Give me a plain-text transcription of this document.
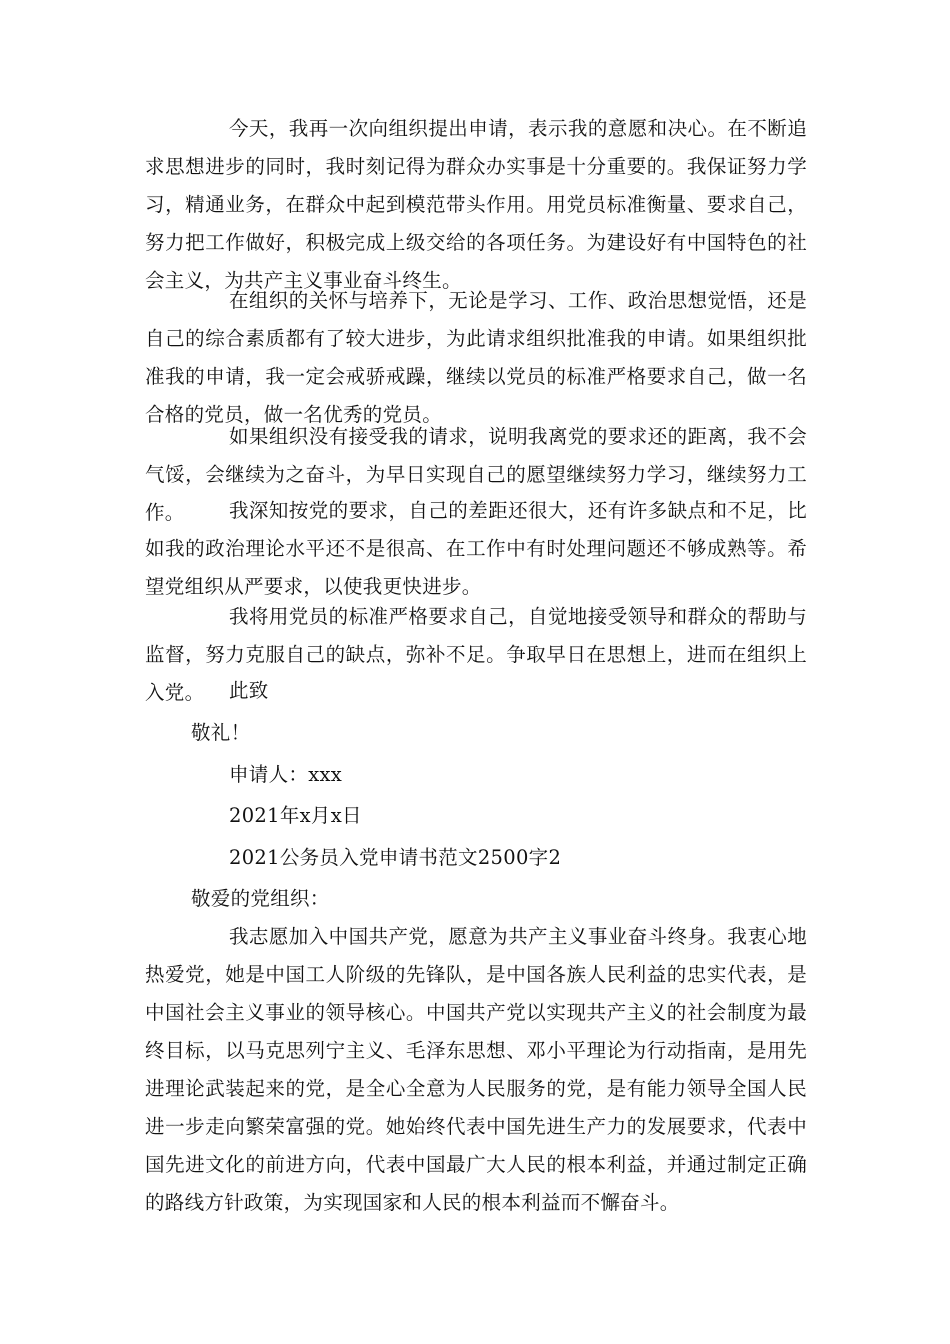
今天，我再一次向组织提出申请，表示我的意愿和决心。在不断追求思想进步的同时，我时刻记得为群众办实事是十分重要的。我保证努力学习，精通业务，在群众中起到模范带头作用。用党员标准衡量、要求自己，努力把工作做好，积极完成上级交给的各项任务。为建设好有中国特色的社会主义，为共产主义事业奋斗终生。

在组织的关怀与培养下，无论是学习、工作、政治思想觉悟，还是自己的综合素质都有了较大进步，为此请求组织批准我的申请。如果组织批准我的申请，我一定会戒骄戒躁，继续以党员的标准严格要求自己，做一名合格的党员，做一名优秀的党员。

如果组织没有接受我的请求，说明我离党的要求还的距离，我不会气馁，会继续为之奋斗，为早日实现自己的愿望继续努力学习，继续努力工作。	我深知按党的要求，自己的差距还很大，还有许多缺点和不足，比如我的政治理论水平还不是很高、在工作中有时处理问题还不够成熟等。希望党组织从严要求，以使我更快进步。

我将用党员的标准严格要求自己，自觉地接受领导和群众的帮助与监督，努力克服自己的缺点，弥补不足。争取早日在思想上，进而在组织上入党。	此致

敬礼！

申请人：xxx

2021年x月x日

2021公务员入党申请书范文2500字2

敬爱的党组织：

我志愿加入中国共产党，愿意为共产主义事业奋斗终身。我衷心地热爱党，她是中国工人阶级的先锋队，是中国各族人民利益的忠实代表，是中国社会主义事业的领导核心。中国共产党以实现共产主义的社会制度为最终目标，以马克思列宁主义、毛泽东思想、邓小平理论为行动指南，是用先进理论武装起来的党，是全心全意为人民服务的党，是有能力领导全国人民进一步走向繁荣富强的党。她始终代表中国先进生产力的发展要求，代表中国先进文化的前进方向，代表中国最广大人民的根本利益，并通过制定正确的路线方针政策，为实现国家和人民的根本利益而不懈奋斗。
